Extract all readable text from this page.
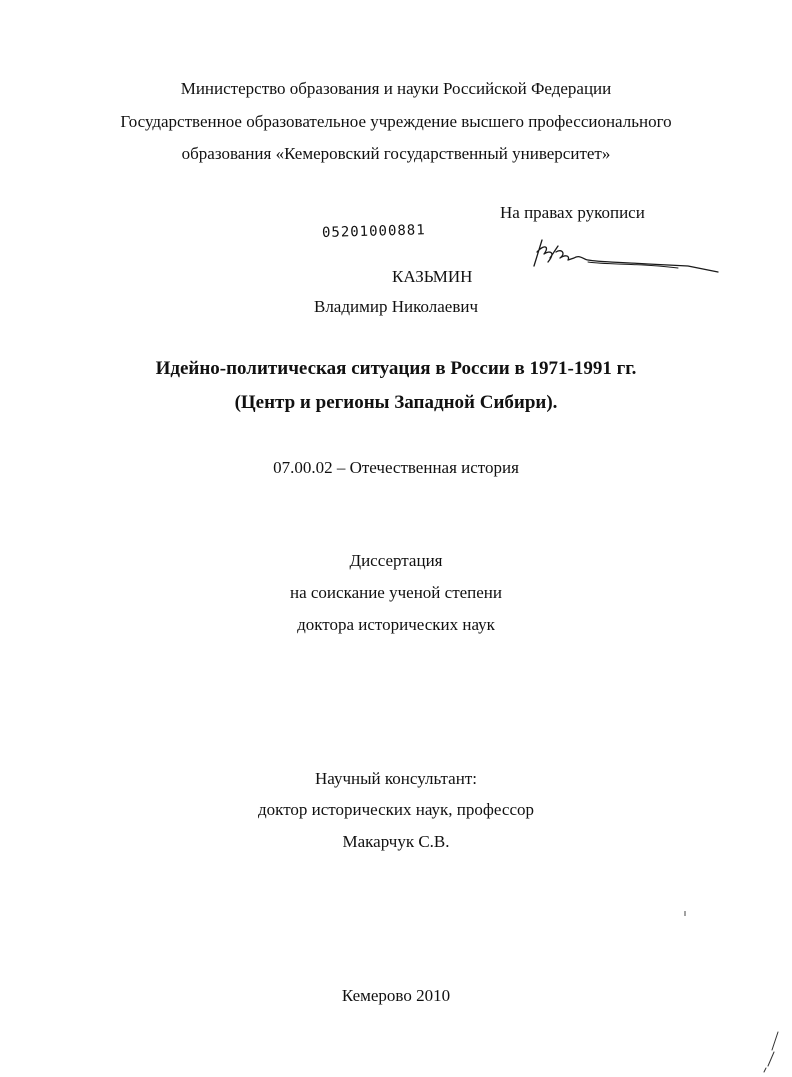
Министерство образования и науки Российской Федерации
Государственное образовательное учреждение высшего профессионального
образования «Кемеровский государственный университет»
На правах рукописи
05201000881
КАЗЬМИН
Владимир Николаевич
Идейно-политическая ситуация в России в 1971-1991 гг.
(Центр и регионы Западной Сибири).
07.00.02 – Отечественная история
Диссертация
на соискание ученой степени
доктора исторических наук
Научный консультант:
доктор исторических наук, профессор
Макарчук С.В.
Кемерово 2010
